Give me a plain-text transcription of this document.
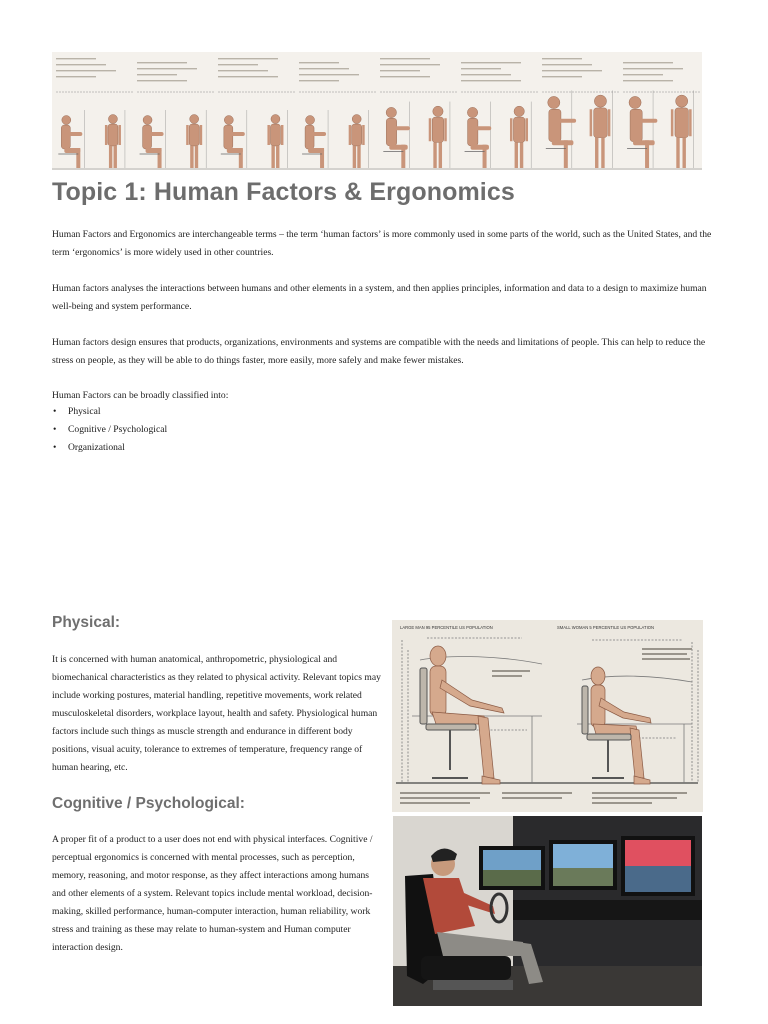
Topic 1: Human Factors & Ergonomics

Human Factors and Ergonomics are interchangeable terms – the term ‘human factors’ is more commonly used in some parts of the world, such as the United States, and the term ‘ergonomics’ is more widely used in other countries.

Human factors analyses the interactions between humans and other elements in a system, and then applies principles, information and data to a design to maximize human well-being and system performance.

Human factors design ensures that products, organizations, environments and systems are compatible with the needs and limitations of people. This can help to reduce the stress on people, as they will be able to do things faster, more easily, more safely and make fewer mistakes.

Human Factors can be broadly classified into:

• Physical
• Cognitive / Psychological
• Organizational
Physical:

It is concerned with human anatomical, anthropometric, physiological and biomechanical characteristics as they related to physical activity. Relevant topics may include working postures, material handling, repetitive movements, work related musculoskeletal disorders, workplace layout, health and safety. Physiological human factors include such things as muscle strength and endurance in different body positions, visual acuity, tolerance to extremes of temperature, frequency range of human hearing, etc.

Cognitive / Psychological:

A proper fit of a product to a user does not end with physical interfaces. Cognitive / perceptual ergonomics is concerned with mental processes, such as perception, memory, reasoning, and motor response, as they affect interactions among humans and other elements of a system. Relevant topics include mental workload, decision-making, skilled performance, human-computer interaction, human reliability, work stress and training as these may relate to human-system and Human computer interaction design.

LARGE MAN 95 PERCENTILE US POPULATION	SMALL WOMAN 5 PERCENTILE US POPULATION
